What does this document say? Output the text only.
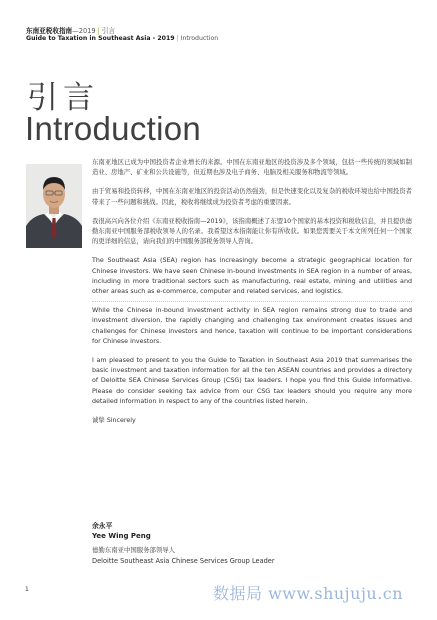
东南亚税收指南—2019 | 引言
Guide to Taxation in Southeast Asia - 2019 | Introduction
引言
Introduction

东南亚地区已成为中国投资者企业增长的来源。中国在东南亚地区的投资涉及多个领域，包括一些传统的领域如制造业、房地产、矿业和公共设施等，但近期也涉及电子商务、电脑及相关服务和物流等领域。

由于贸易和投资转移，中国在东南亚地区的投资活动仍然强劲，但是快速变化以及复杂的税收环境也给中国投资者带来了一些问题和挑战。因此，税收将继续成为投资者考虑的重要因素。

我很高兴向各位介绍《东南亚税收指南—2019》，该指南概述了东盟10个国家的基本投资和税收信息，并且提供德勤东南亚中国服务部税收领导人的名录。我希望这本指南能让你有所收获。如果您需要关于本文所列任何一个国家的更详细的信息，请向我们的中国服务部税务领导人咨询。

The Southeast Asia (SEA) region has increasingly become a strategic geographical location for Chinese investors. We have seen Chinese in-bound investments in SEA region in a number of areas, including in more traditional sectors such as manufacturing, real estate, mining and utilities and other areas such as e-commerce, computer and related services, and logistics.

While the Chinese in-bound investment activity in SEA region remains strong due to trade and investment diversion, the rapidly changing and challenging tax environment creates issues and challenges for Chinese investors and hence, taxation will continue to be important considerations for Chinese investors.

I am pleased to present to you the Guide to Taxation in Southeast Asia 2019 that summarises the basic investment and taxation information for all the ten ASEAN countries and provides a directory of Deloitte SEA Chinese Services Group (CSG) tax leaders. I hope you find this Guide informative. Please do consider seeking tax advice from our CSG tax leaders should you require any more detailed information in respect to any of the countries listed herein.

诚挚 Sincerely

余永平
Yee Wing Peng
德勤东南亚中国服务部领导人
Deloitte Southeast Asia Chinese Services Group Leader
1	数据局 www.shujuju.cn
